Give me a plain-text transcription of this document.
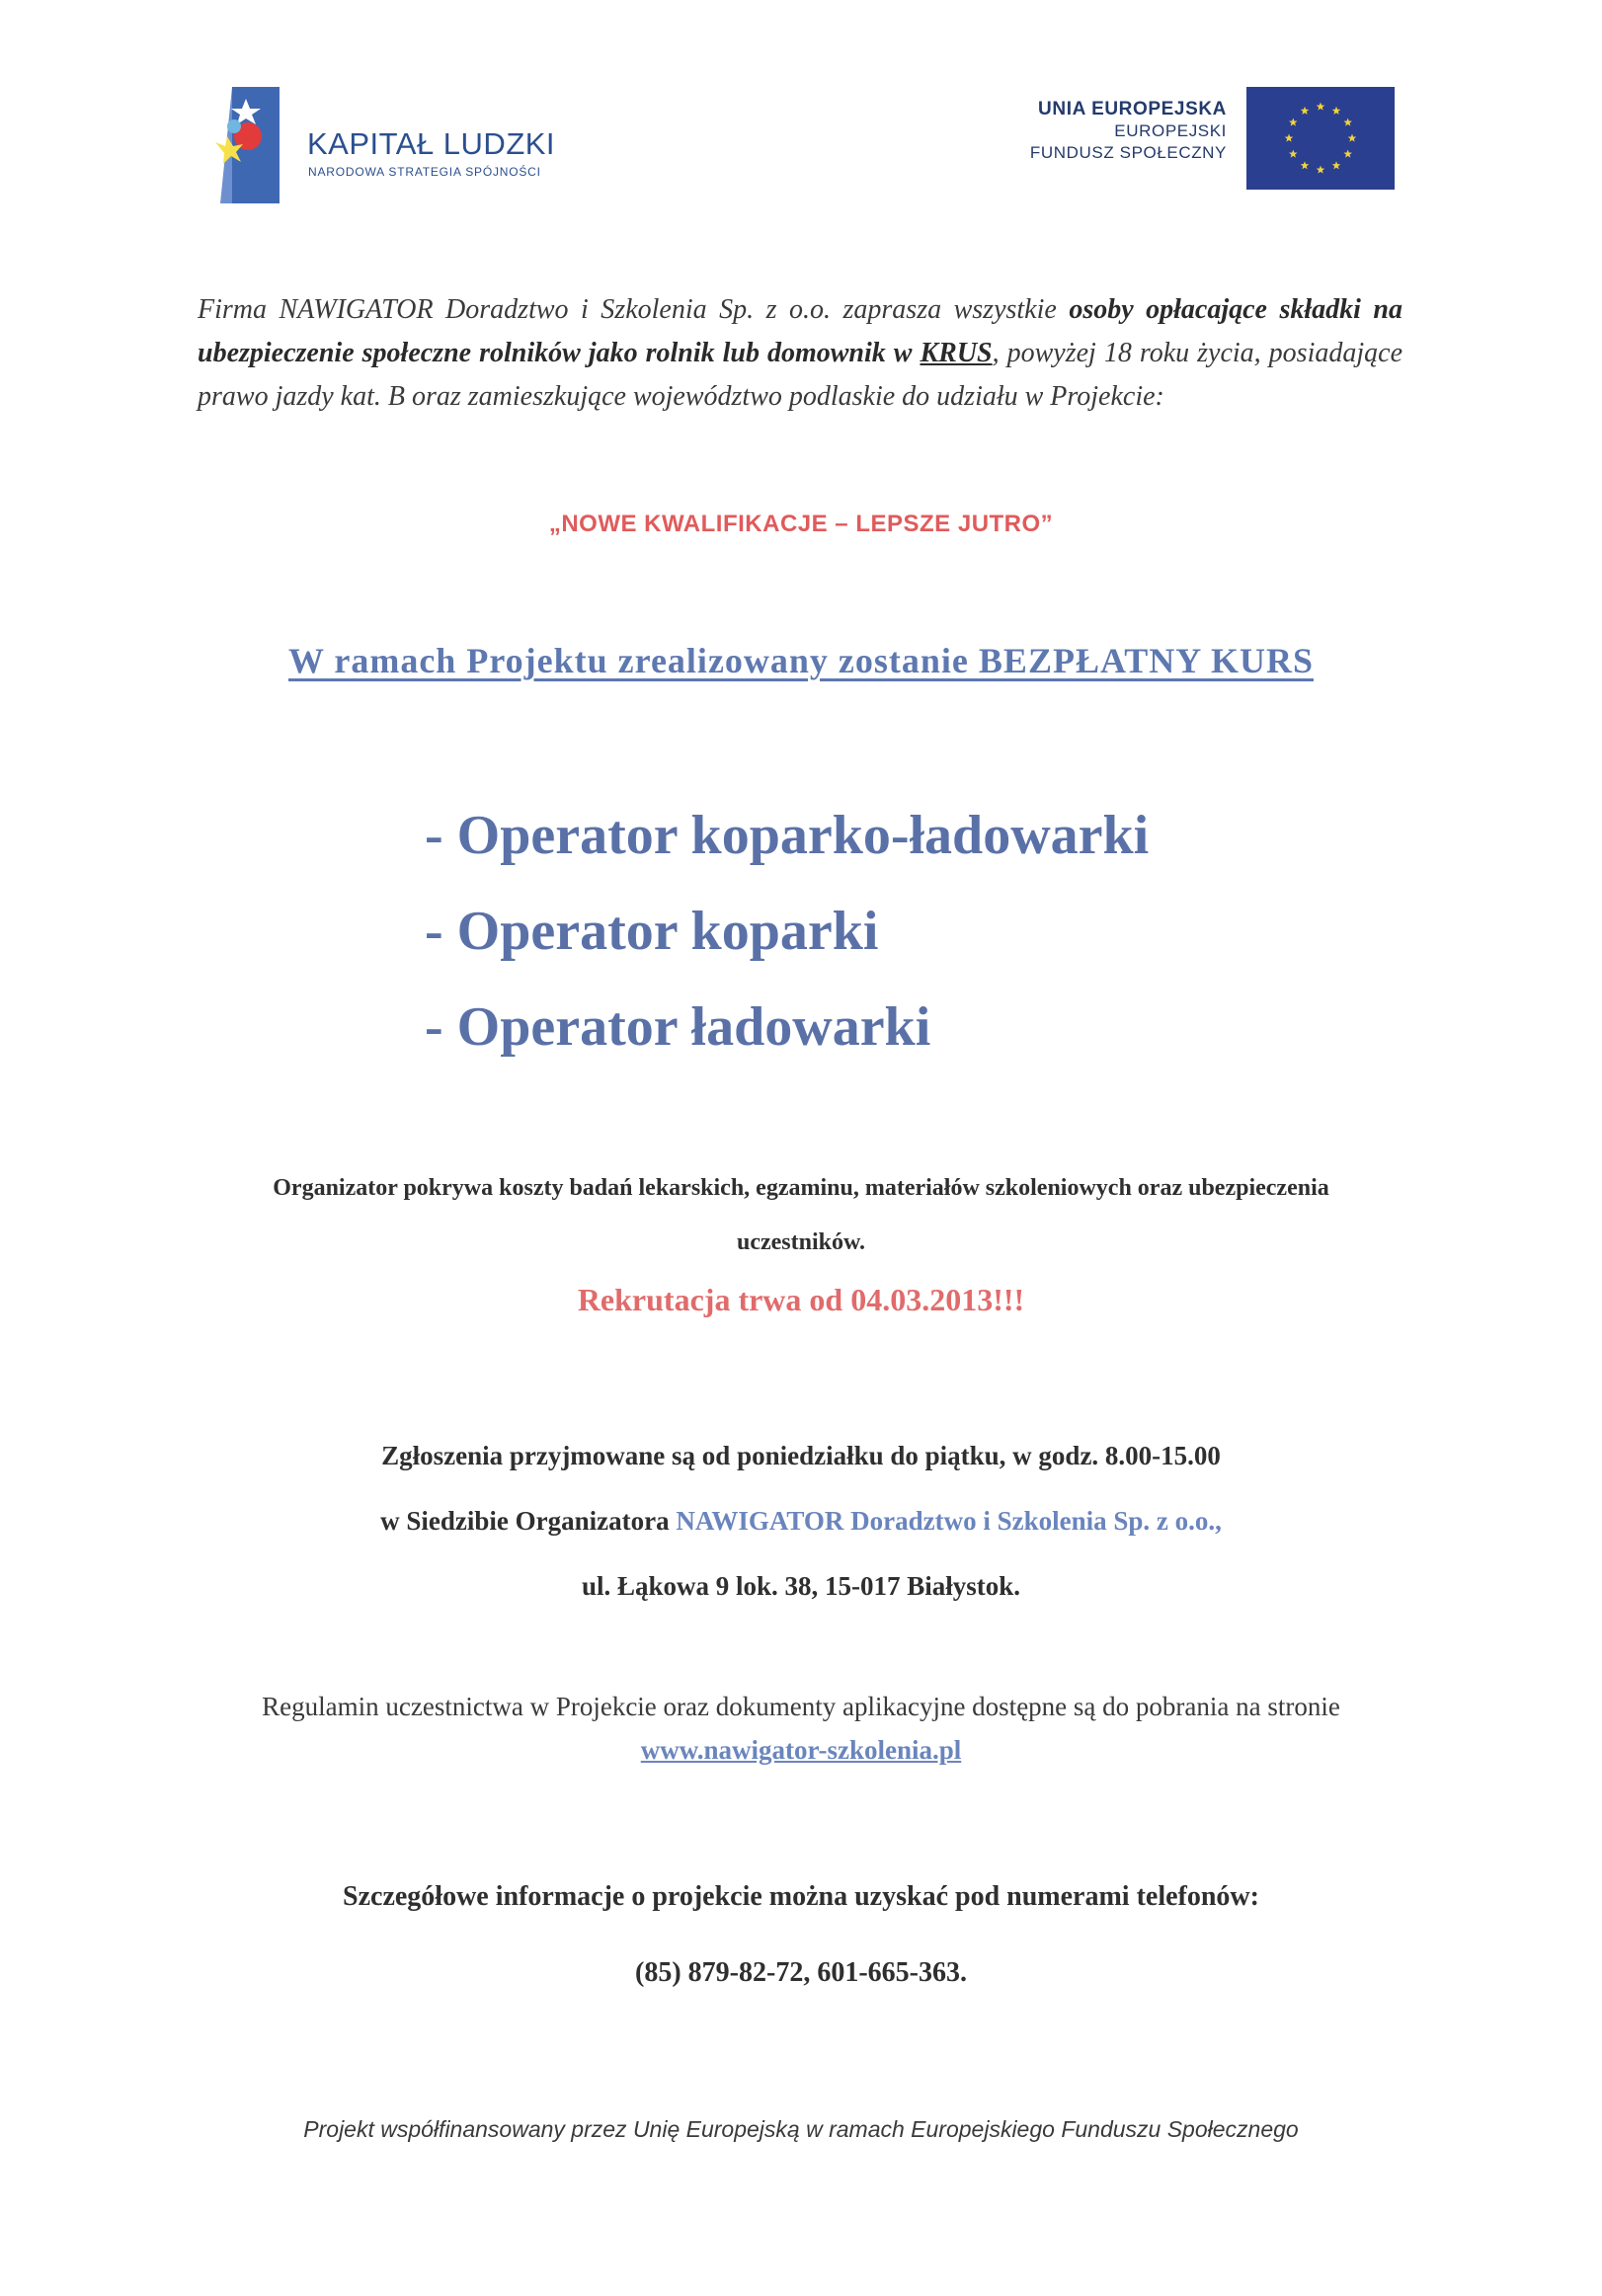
KAPITAŁ LUDZKI
NARODOWA STRATEGIA SPÓJNOŚCI
UNIA EUROPEJSKA
EUROPEJSKI
FUNDUSZ SPOŁECZNY
Firma NAWIGATOR Doradztwo i Szkolenia Sp. z o.o. zaprasza wszystkie osoby opłacające składki na ubezpieczenie społeczne rolników jako rolnik lub domownik w KRUS, powyżej 18 roku życia, posiadające prawo jazdy kat. B oraz zamieszkujące województwo podlaskie do udziału w Projekcie:
„NOWE KWALIFIKACJE – LEPSZE JUTRO”
W ramach Projektu zrealizowany zostanie BEZPŁATNY KURS
- Operator koparko-ładowarki
- Operator koparki
- Operator ładowarki
Organizator pokrywa koszty badań lekarskich, egzaminu, materiałów szkoleniowych oraz ubezpieczenia
uczestników.
Rekrutacja trwa od 04.03.2013!!!
Zgłoszenia przyjmowane są od poniedziałku do piątku, w godz. 8.00-15.00
w Siedzibie Organizatora NAWIGATOR Doradztwo i Szkolenia Sp. z o.o.,
ul. Łąkowa 9 lok. 38, 15-017 Białystok.
Regulamin uczestnictwa w Projekcie oraz dokumenty aplikacyjne dostępne są do pobrania na stronie
www.nawigator-szkolenia.pl
Szczegółowe informacje o projekcie można uzyskać pod numerami telefonów:
(85) 879-82-72, 601-665-363.
Projekt współfinansowany przez Unię Europejską w ramach Europejskiego Funduszu Społecznego
